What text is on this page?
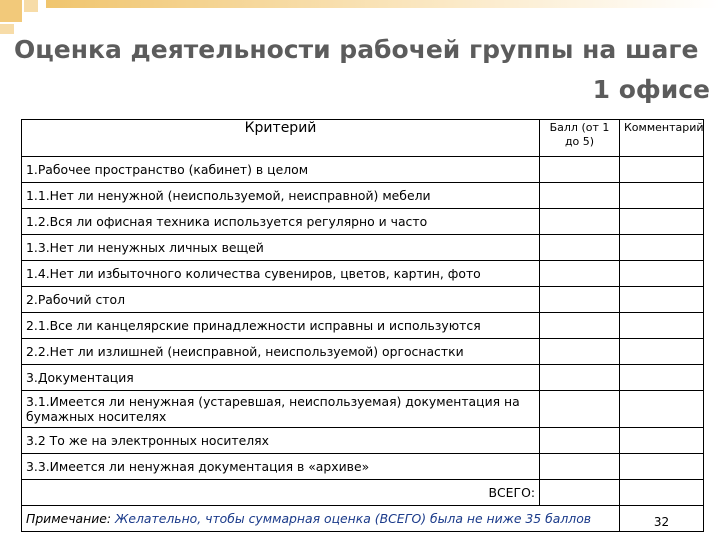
Оценка деятельности рабочей группы на шаге
1 офисе
Критерий	Балл (от 1 до 5)	Комментарий
1.Рабочее пространство (кабинет) в целом		
1.1.Нет ли ненужной (неиспользуемой, неисправной) мебели		
1.2.Вся ли офисная техника используется регулярно и часто		
1.3.Нет ли ненужных личных вещей		
1.4.Нет ли избыточного количества сувениров, цветов, картин, фото		
2.Рабочий стол		
2.1.Все ли канцелярские принадлежности исправны и используются		
2.2.Нет ли излишней (неисправной, неиспользуемой) оргоснастки		
3.Документация		
3.1.Имеется ли ненужная (устаревшая, неиспользуемая) документация на бумажных носителях		
3.2 То же на электронных носителях		
3.3.Имеется ли ненужная документация в «архиве»		
ВСЕГО:		
Примечание: Желательно, чтобы суммарная оценка (ВСЕГО) была не ниже 35 баллов		32
